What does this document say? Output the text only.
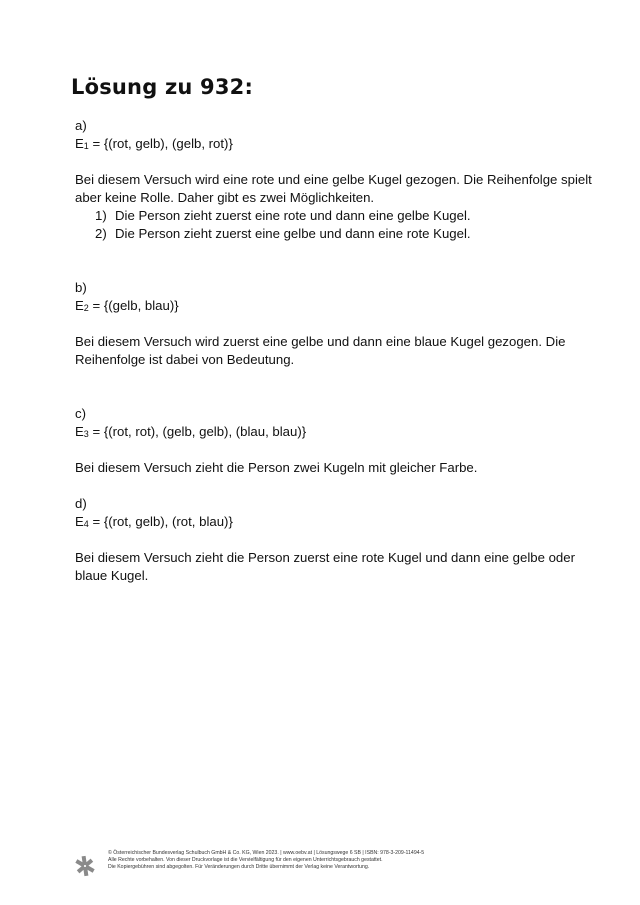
Lösung zu 932:
a)
$E_1 = \{(rot$, gelb), (gelb, rot)}
Bei diesem Versuch wird eine rote und eine gelbe Kugel gezogen. Die Reihenfolge spielt aber keine Rolle. Daher gibt es zwei Möglichkeiten.
1) Die Person zieht zuerst eine rote und dann eine gelbe Kugel.
2) Die Person zieht zuerst eine gelbe und dann eine rote Kugel.
b)
$E_2$ = {(gelb, blau)}
Bei diesem Versuch wird zuerst eine gelbe und dann eine blaue Kugel gezogen. Die Reihenfolge ist dabei von Bedeutung.
c)
$E_3 = \{(rot$, rot), (gelb, gelb), (blau, blau)}
Bei diesem Versuch zieht die Person zwei Kugeln mit gleicher Farbe.
d)
$E_4 = \{(rot$, gelb), (rot, blau)}
Bei diesem Versuch zieht die Person zuerst eine rote Kugel und dann eine gelbe oder blaue Kugel.
© Österreichischer Bundesverlag Schulbuch GmbH & Co. KG, Wien 2023. | www.oebv.at | Lösungswege 6 SB | ISBN: 978-3-209-11494-5
Alle Rechte vorbehalten. Von dieser Druckvorlage ist die Vervielfältigung für den eigenen Unterrichtsgebrauch gestattet.
Die Kopiergebühren sind abgegolten. Für Veränderungen durch Dritte übernimmt der Verlag keine Verantwortung.
